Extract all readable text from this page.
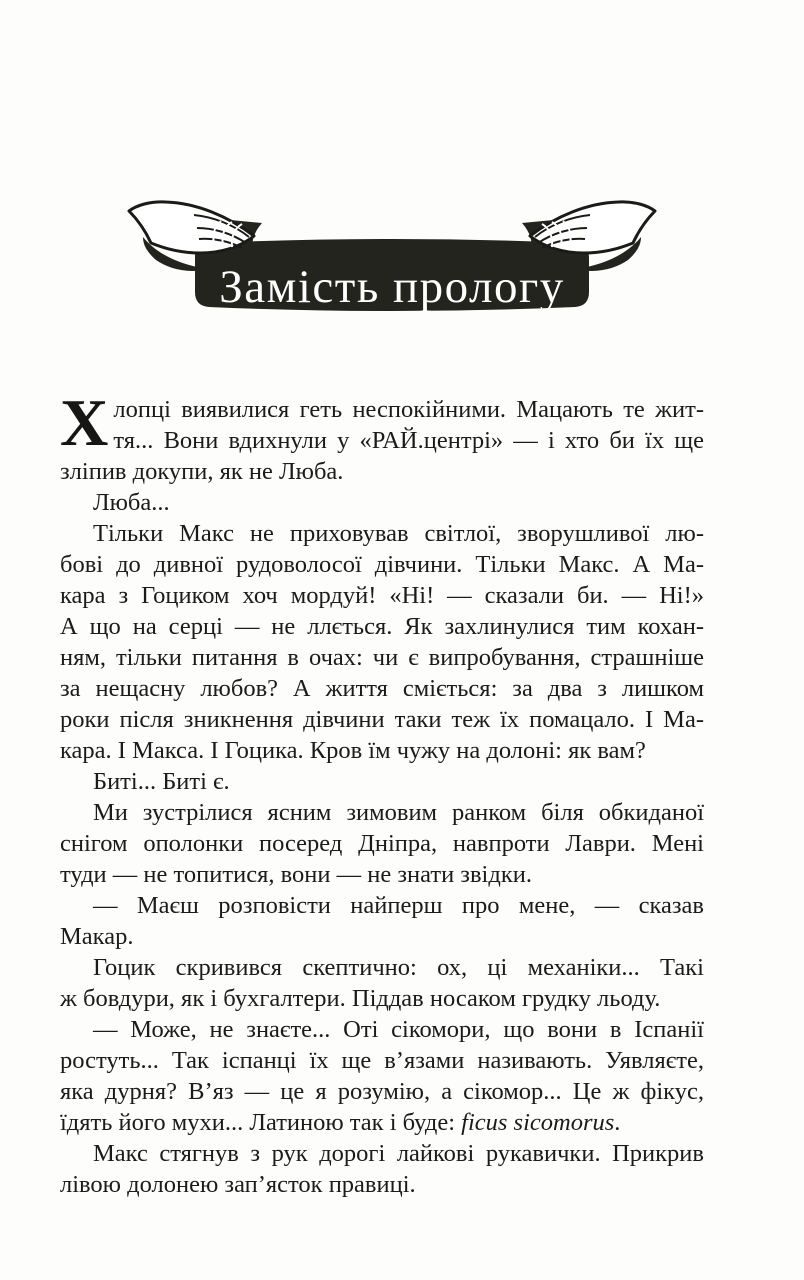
Замість прологу
Х лопці виявилися геть неспокійними. Мацають те жит-
тя... Вони вдихнули у «РАЙ.центрі» — і хто би їх ще
зліпив докупи, як не Люба.
Люба...
Тільки Макс не приховував світлої, зворушливої лю-
бові до дивної рудоволосої дівчини. Тільки Макс. А Ма-
кара з Гоциком хоч мордуй! «Ні! — сказали би. — Ні!»
А що на серці — не ллється. Як захлинулися тим кохан-
ням, тільки питання в очах: чи є випробування, страшніше
за нещасну любов? А життя сміється: за два з лишком
роки після зникнення дівчини таки теж їх помацало. І Ма-
кара. І Макса. І Гоцика. Кров їм чужу на долоні: як вам?
Биті... Биті є.
Ми зустрілися ясним зимовим ранком біля обкиданої
снігом ополонки посеред Дніпра, навпроти Лаври. Мені
туди — не топитися, вони — не знати звідки.
— Маєш розповісти найперш про мене, — сказав
Макар.
Гоцик скривився скептично: ох, ці механіки... Такі
ж бовдури, як і бухгалтери. Піддав носаком грудку льоду.
— Може, не знаєте... Оті сікомори, що вони в Іспанії
ростуть... Так іспанці їх ще в’язами називають. Уявляєте,
яка дурня? В’яз — це я розумію, а сікомор... Це ж фікус,
їдять його мухи... Латиною так і буде: ficus sicomorus.
Макс стягнув з рук дорогі лайкові рукавички. Прикрив
лівою долонею зап’ясток правиці.
